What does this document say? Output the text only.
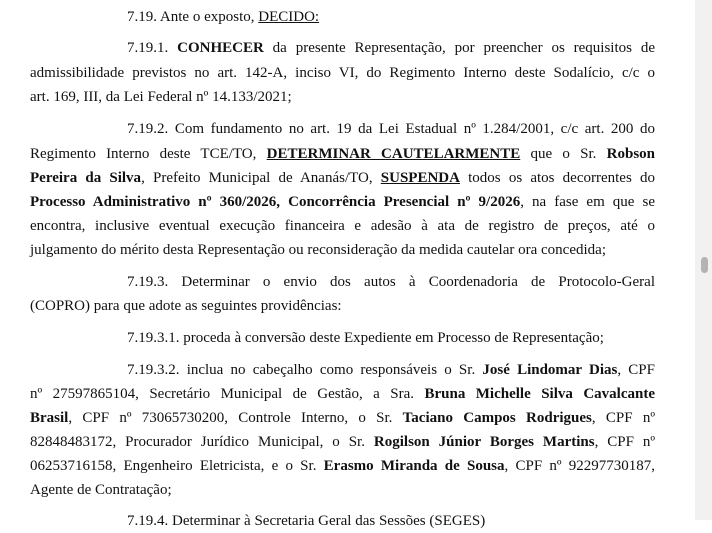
7.19. Ante o exposto, DECIDO:
7.19.1. CONHECER da presente Representação, por preencher os requisitos de
admissibilidade previstos no art. 142-A, inciso VI, do Regimento Interno deste Sodalício, c/c o
art. 169, III, da Lei Federal nº 14.133/2021;
7.19.2. Com fundamento no art. 19 da Lei Estadual nº 1.284/2001, c/c art. 200 do
Regimento Interno deste TCE/TO, DETERMINAR CAUTELARMENTE que o Sr. Robson
Pereira da Silva, Prefeito Municipal de Ananás/TO, SUSPENDA todos os atos decorrentes do
Processo Administrativo nº 360/2026, Concorrência Presencial nº 9/2026, na fase em que se
encontra, inclusive eventual execução financeira e adesão à ata de registro de preços, até o
julgamento do mérito desta Representação ou reconsideração da medida cautelar ora concedida;
7.19.3. Determinar o envio dos autos à Coordenadoria de Protocolo-Geral
(COPRO) para que adote as seguintes providências:
7.19.3.1. proceda à conversão deste Expediente em Processo de Representação;
7.19.3.2. inclua no cabeçalho como responsáveis o Sr. José Lindomar Dias, CPF
nº 27597865104, Secretário Municipal de Gestão, a Sra. Bruna Michelle Silva Cavalcante
Brasil, CPF nº 73065730200, Controle Interno, o Sr. Taciano Campos Rodrigues, CPF nº
82848483172, Procurador Jurídico Municipal, o Sr. Rogilson Júnior Borges Martins, CPF nº
06253716158, Engenheiro Eletricista, e o Sr. Erasmo Miranda de Sousa, CPF nº 92297730187,
Agente de Contratação;
7.19.4. Determinar à Secretaria Geral das Sessões (SEGES)
